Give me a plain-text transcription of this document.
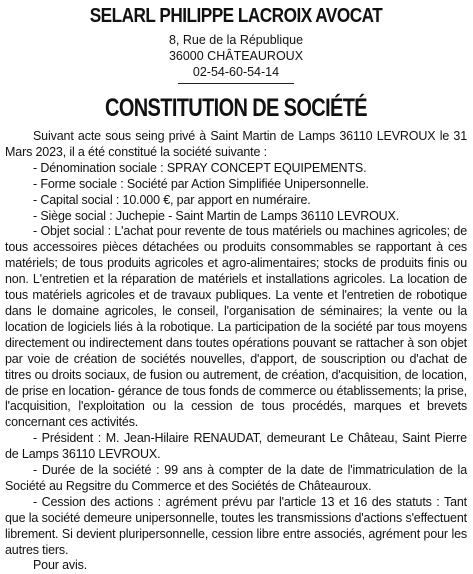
SELARL PHILIPPE LACROIX AVOCAT
8, Rue de la République
36000 CHÂTEAUROUX
02-54-60-54-14
CONSTITUTION DE SOCIÉTÉ

Suivant acte sous seing privé à Saint Martin de Lamps 36110 LEVROUX le 31 Mars 2023, il a été constitué la société suivante :

- Dénomination sociale : SPRAY CONCEPT EQUIPEMENTS.

- Forme sociale : Société par Action Simplifiée Unipersonnelle.

- Capital social : 10.000 €, par apport en numéraire.

- Siège social : Juchepie - Saint Martin de Lamps 36110 LEVROUX.

- Objet social : L'achat pour revente de tous matériels ou machines agricoles; de tous accessoires pièces détachées ou produits consommables se rapportant à ces matériels; de tous produits agricoles et agro-alimentaires; stocks de produits finis ou non. L'entretien et la réparation de matériels et installations agricoles. La location de tous matériels agricoles et de travaux publiques. La vente et l'entretien de robotique dans le domaine agricoles, le conseil, l'organisation de séminaires; la vente ou la location de logiciels liés à la robotique. La participation de la société par tous moyens directement ou indirectement dans toutes opérations pouvant se rattacher à son objet par voie de création de sociétés nouvelles, d'apport, de souscription ou d'achat de titres ou droits sociaux, de fusion ou autrement, de création, d'acquisition, de location, de prise en location- gérance de tous fonds de commerce ou établissements; la prise, l'acquisition, l'exploitation ou la cession de tous procédés, marques et brevets concernant ces activités.

- Président : M. Jean-Hilaire RENAUDAT, demeurant Le Château, Saint Pierre de Lamps 36110 LEVROUX.

- Durée de la société : 99 ans à compter de la date de l'immatriculation de la Société au Regsitre du Commerce et des Sociétés de Châteauroux.

- Cession des actions : agrément prévu par l'article 13 et 16 des statuts : Tant que la société demeure unipersonnelle, toutes les transmissions d'actions s'effectuent librement. Si devient pluripersonnelle, cession libre entre associés, agrément pour les autres tiers.

Pour avis.
